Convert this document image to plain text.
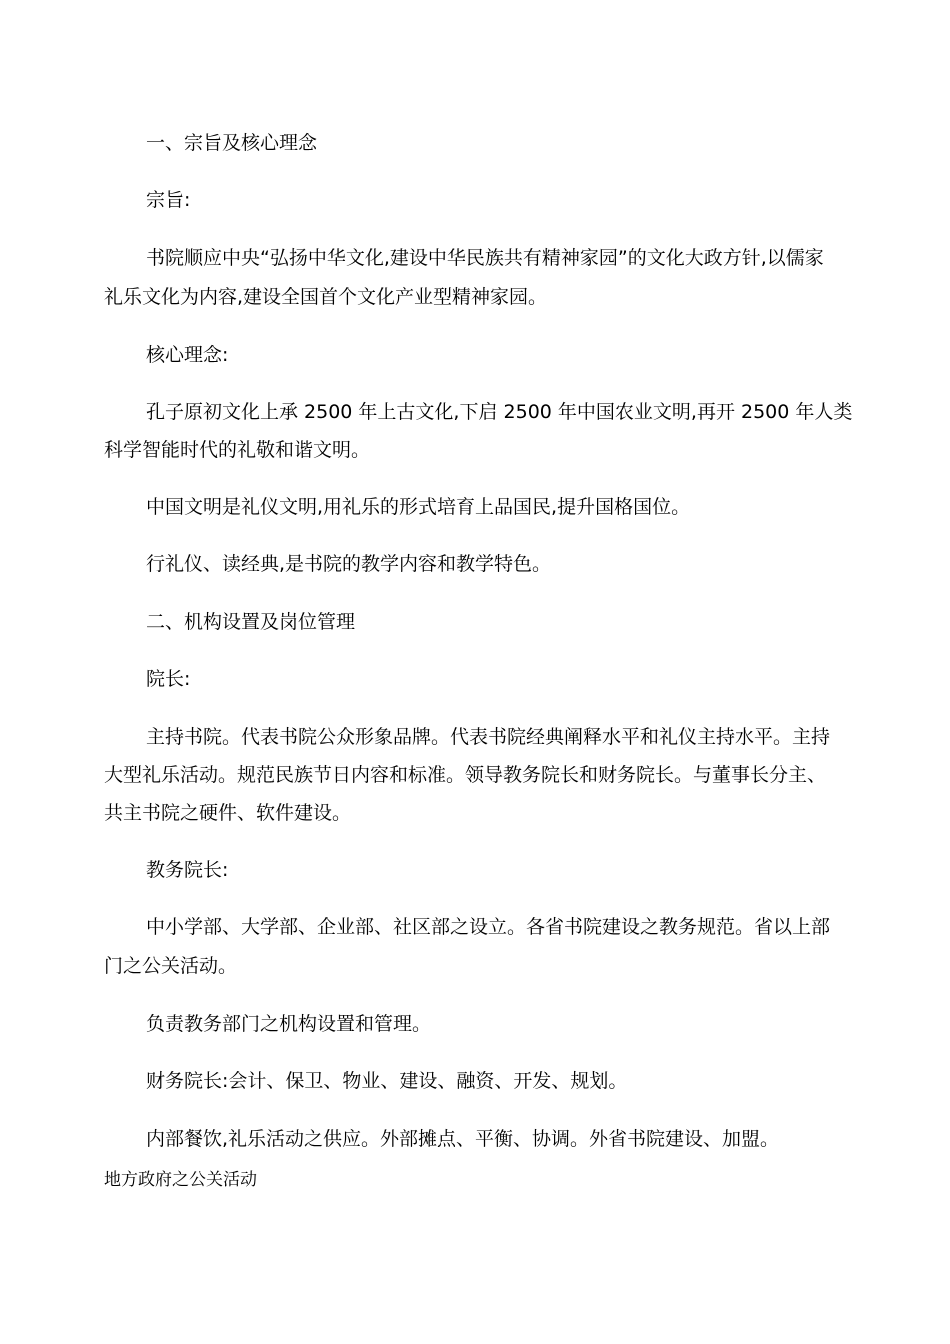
一、宗旨及核心理念
宗旨:
书院顺应中央“弘扬中华文化,建设中华民族共有精神家园”的文化大政方针,以儒家
礼乐文化为内容,建设全国首个文化产业型精神家园。
核心理念:
孔子原初文化上承 2500 年上古文化,下启 2500 年中国农业文明,再开 2500 年人类
科学智能时代的礼敬和谐文明。
中国文明是礼仪文明,用礼乐的形式培育上品国民,提升国格国位。
行礼仪、读经典,是书院的教学内容和教学特色。
二、机构设置及岗位管理
院长:
主持书院。代表书院公众形象品牌。代表书院经典阐释水平和礼仪主持水平。主持
大型礼乐活动。规范民族节日内容和标准。领导教务院长和财务院长。与董事长分主、
共主书院之硬件、软件建设。
教务院长:
中小学部、大学部、企业部、社区部之设立。各省书院建设之教务规范。省以上部
门之公关活动。
负责教务部门之机构设置和管理。
财务院长:会计、保卫、物业、建设、融资、开发、规划。
内部餐饮,礼乐活动之供应。外部摊点、平衡、协调。外省书院建设、加盟。
地方政府之公关活动
